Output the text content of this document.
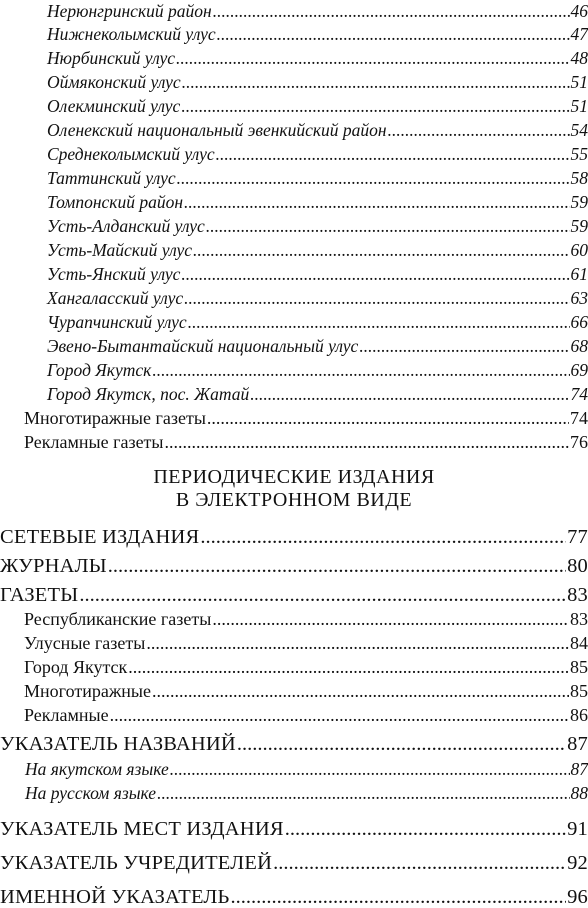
Нерюнгринский район .....	46
Нижнеколымский улус .....	47
Нюрбинский улус .....	48
Оймяконский улус .....	51
Олекминский улус .....	51
Оленекский национальный эвенкийский район .....	54
Среднеколымский улус .....	55
Таттинский улус .....	58
Томпонский район .....	59
Усть-Алданский улус .....	59
Усть-Майский улус .....	60
Усть-Янский улус .....	61
Хангаласский улус .....	63
Чурапчинский улус .....	66
Эвено-Бытантайский национальный улус .....	68
Город Якутск .....	69
Город Якутск, пос. Жатай .....	74
Многотиражные газеты .....	74
Рекламные газеты .....	76
ПЕРИОДИЧЕСКИЕ ИЗДАНИЯ
В ЭЛЕКТРОННОМ ВИДЕ
СЕТЕВЫЕ ИЗДАНИЯ .....	77
ЖУРНАЛЫ .....	80
ГАЗЕТЫ .....	83
Республиканские газеты .....	83
Улусные газеты .....	84
Город Якутск .....	85
Многотиражные .....	85
Рекламные .....	86
УКАЗАТЕЛЬ НАЗВАНИЙ .....	87
На якутском языке .....	87
На русском языке .....	88
УКАЗАТЕЛЬ МЕСТ ИЗДАНИЯ .....	91
УКАЗАТЕЛЬ УЧРЕДИТЕЛЕЙ .....	92
ИМЕННОЙ УКАЗАТЕЛЬ .....	96
